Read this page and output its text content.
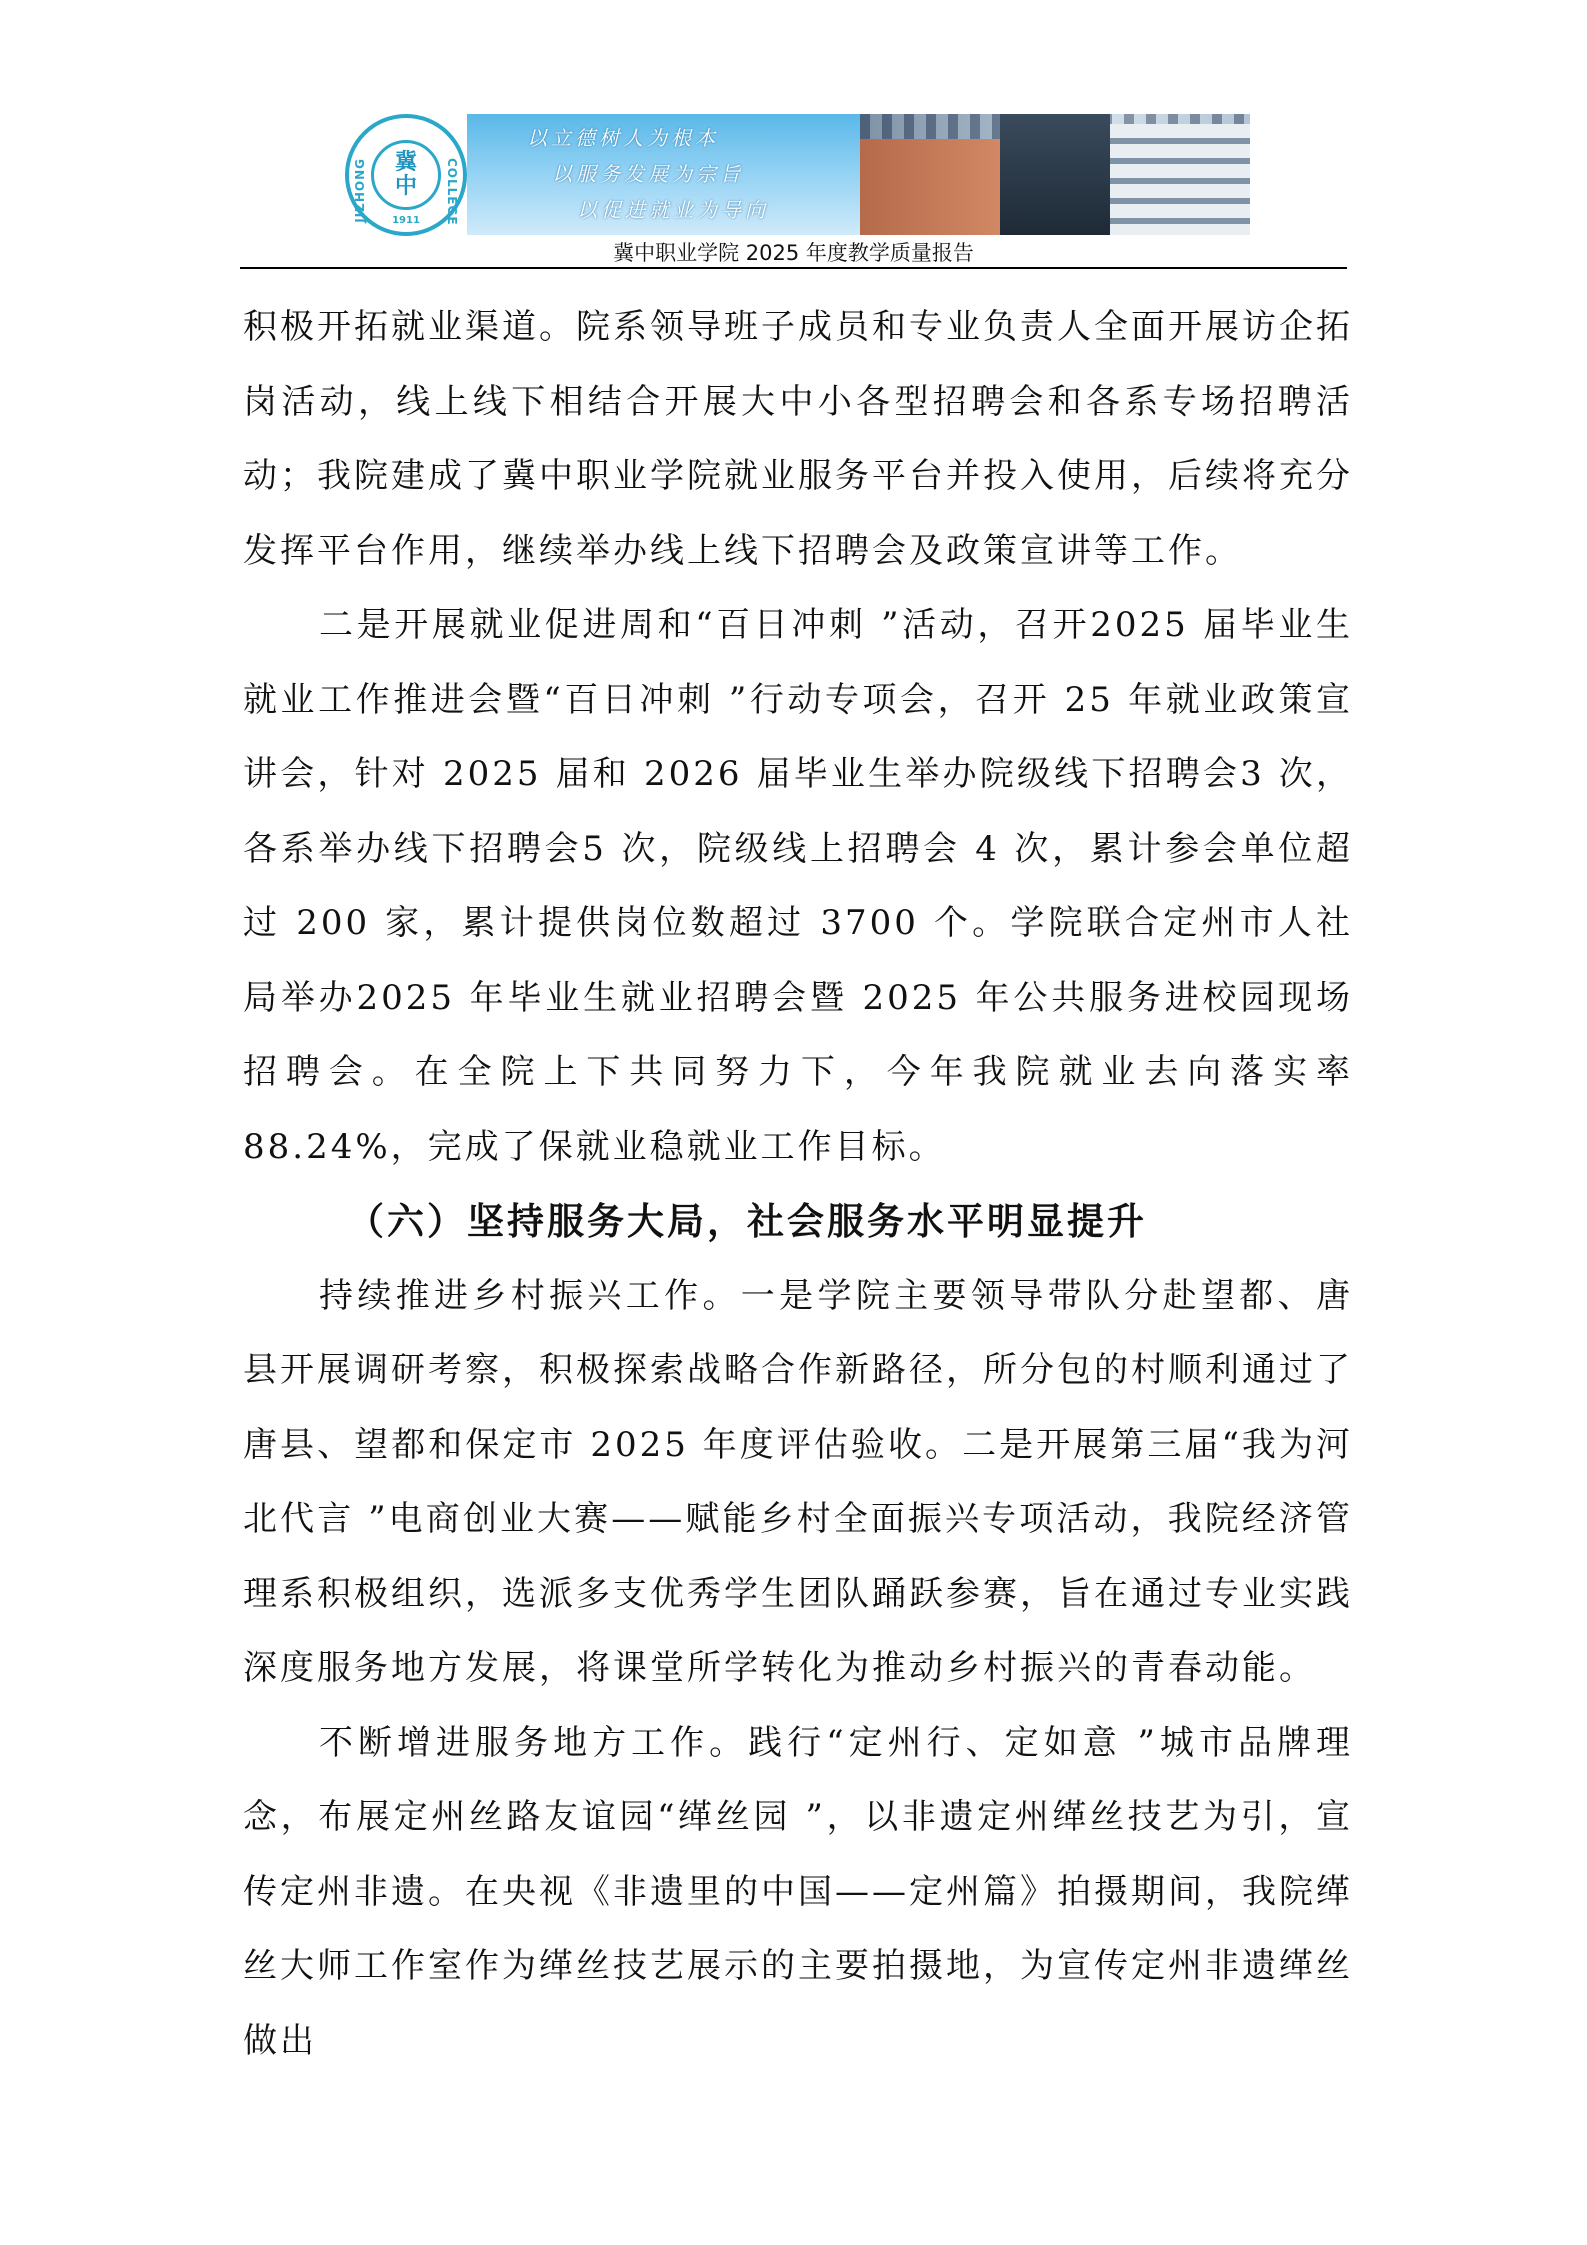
JIZHONG	COLLEGE
1911
冀
中
以立德树人为根本
以服务发展为宗旨
以促进就业为导向
冀中职业学院 2025 年度教学质量报告

积极开拓就业渠道。院系领导班子成员和专业负责人全面开展访企拓岗活动，线上线下相结合开展大中小各型招聘会和各系专场招聘活动；我院建成了冀中职业学院就业服务平台并投入使用，后续将充分发挥平台作用，继续举办线上线下招聘会及政策宣讲等工作。

二是开展就业促进周和“百日冲刺 ”活动，召开2025 届毕业生就业工作推进会暨“百日冲刺 ”行动专项会，召开 25 年就业政策宣讲会，针对 2025 届和 2026 届毕业生举办院级线下招聘会3 次，各系举办线下招聘会5 次，院级线上招聘会 4 次，累计参会单位超过 200 家，累计提供岗位数超过 3700 个。学院联合定州市人社局举办2025 年毕业生就业招聘会暨 2025 年公共服务进校园现场招聘会。在全院上下共同努力下，今年我院就业去向落实率88.24%，完成了保就业稳就业工作目标。

（六）坚持服务大局，社会服务水平明显提升

持续推进乡村振兴工作。一是学院主要领导带队分赴望都、唐县开展调研考察，积极探索战略合作新路径，所分包的村顺利通过了唐县、望都和保定市 2025 年度评估验收。二是开展第三届“我为河北代言 ”电商创业大赛——赋能乡村全面振兴专项活动，我院经济管理系积极组织，选派多支优秀学生团队踊跃参赛，旨在通过专业实践深度服务地方发展，将课堂所学转化为推动乡村振兴的青春动能。

不断增进服务地方工作。践行“定州行、定如意 ”城市品牌理念，布展定州丝路友谊园“缂丝园 ”，以非遗定州缂丝技艺为引，宣传定州非遗。在央视《非遗里的中国——定州篇》拍摄期间，我院缂丝大师工作室作为缂丝技艺展示的主要拍摄地，为宣传定州非遗缂丝做出
